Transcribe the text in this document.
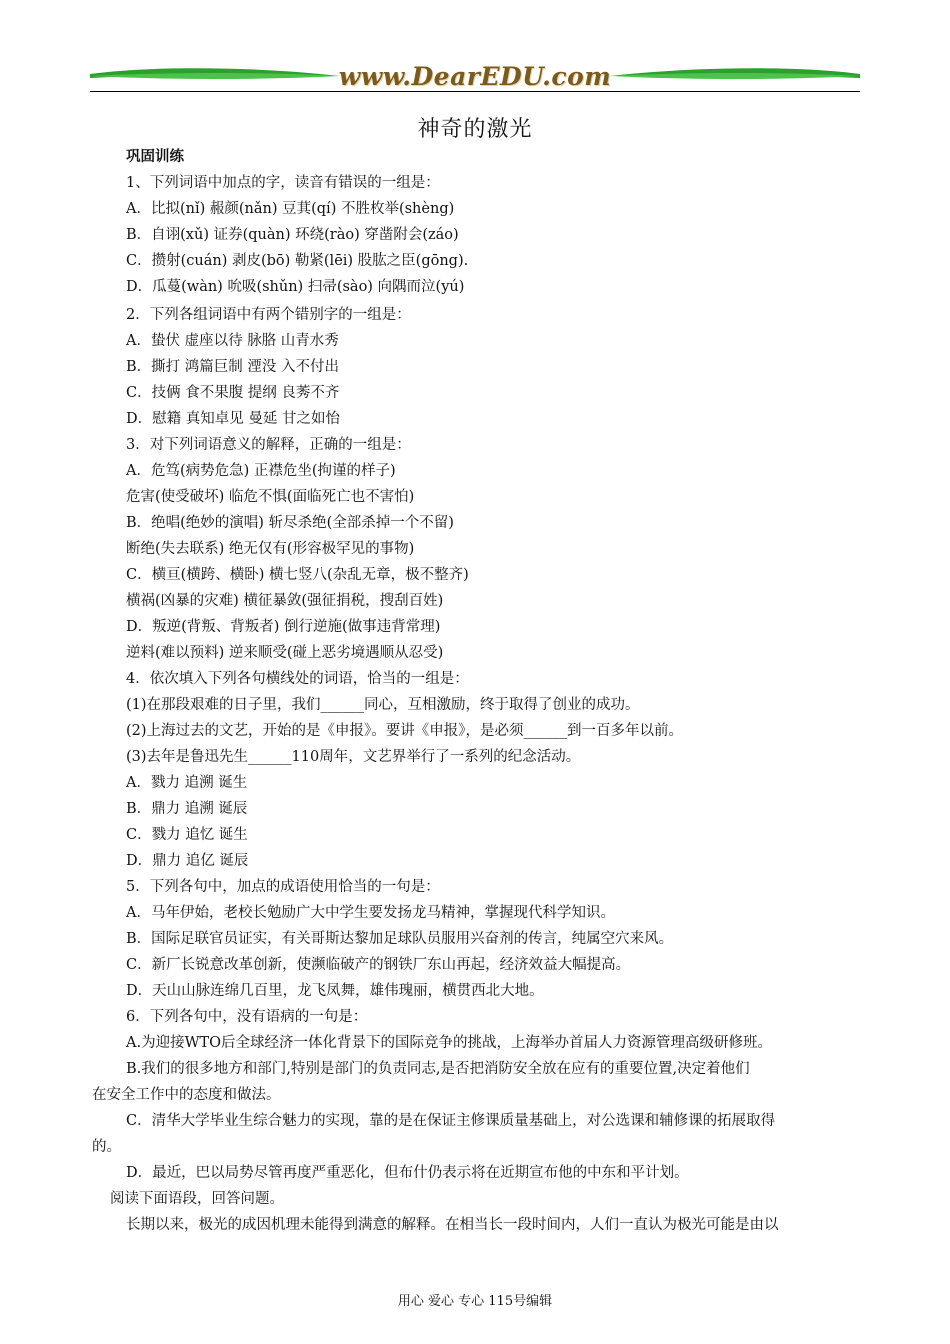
www.DearEDU.com
神奇的激光
巩固训练
1、下列词语中加点的字，读音有错误的一组是：
A．比拟(nǐ) 赧颜(nǎn) 豆萁(qí) 不胜枚举(shèng)
B．自诩(xǔ) 证券(quàn) 环绕(rào) 穿凿附会(záo)
C．攒射(cuán) 剥皮(bō) 勒紧(lēi) 股肱之臣(gōng).
D．瓜蔓(wàn) 吮吸(shǔn) 扫帚(sào) 向隅而泣(yú)
2．下列各组词语中有两个错别字的一组是：
A．蛰伏 虚座以待 脉胳 山青水秀
B．撕打 鸿篇巨制 湮没 入不付出
C．技俩 食不果腹 提纲 良莠不齐
D．慰籍 真知卓见 曼延 甘之如怡
3．对下列词语意义的解释，正确的一组是：
A．危笃(病势危急) 正襟危坐(拘谨的样子)
危害(使受破坏) 临危不惧(面临死亡也不害怕)
B．绝唱(绝妙的演唱) 斩尽杀绝(全部杀掉一个不留)
断绝(失去联系) 绝无仅有(形容极罕见的事物)
C．横亘(横跨、横卧) 横七竖八(杂乱无章，极不整齐)
横祸(凶暴的灾难) 横征暴敛(强征捐税，搜刮百姓)
D．叛逆(背叛、背叛者) 倒行逆施(做事违背常理)
逆料(难以预料) 逆来顺受(碰上恶劣境遇顺从忍受)
4．依次填入下列各句横线处的词语，恰当的一组是：
(1)在那段艰难的日子里，我们______同心，互相激励，终于取得了创业的成功。
(2)上海过去的文艺，开始的是《申报》。要讲《申报》，是必须______到一百多年以前。
(3)去年是鲁迅先生______110周年，文艺界举行了一系列的纪念活动。
A．戮力 追溯 诞生
B．鼎力 追溯 诞辰
C．戮力 追忆 诞生
D．鼎力 追亿 诞辰
5．下列各句中，加点的成语使用恰当的一句是：
A．马年伊始，老校长勉励广大中学生要发扬龙马精神，掌握现代科学知识。
B．国际足联官员证实，有关哥斯达黎加足球队员服用兴奋剂的传言，纯属空穴来风。
C．新厂长锐意改革创新，使濒临破产的钢铁厂东山再起，经济效益大幅提高。
D．天山山脉连绵几百里，龙飞凤舞，雄伟瑰丽，横贯西北大地。
6．下列各句中，没有语病的一句是：
A.为迎接WTO后全球经济一体化背景下的国际竞争的挑战，上海举办首届人力资源管理高级研修班。
B.我们的很多地方和部门,特别是部门的负责同志,是否把消防安全放在应有的重要位置,决定着他们
在安全工作中的态度和做法。
C．清华大学毕业生综合魅力的实现，靠的是在保证主修课质量基础上，对公选课和辅修课的拓展取得
的。
D．最近，巴以局势尽管再度严重恶化，但布什仍表示将在近期宣布他的中东和平计划。
阅读下面语段，回答问题。
长期以来，极光的成因机理未能得到满意的解释。在相当长一段时间内，人们一直认为极光可能是由以
用心 爱心 专心 115号编辑
